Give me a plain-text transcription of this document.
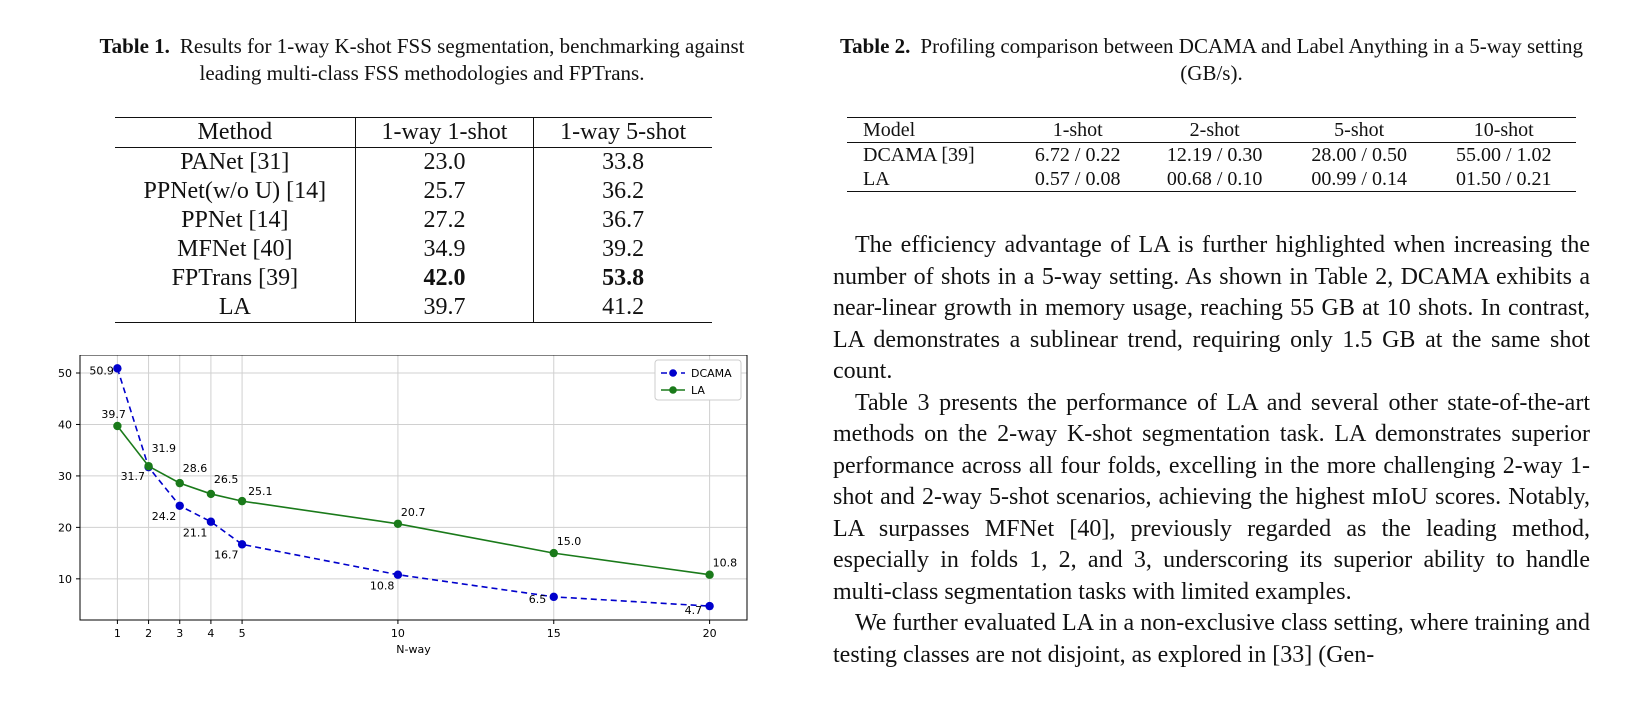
Table 1. Results for 1-way K-shot FSS segmentation, benchmarking against leading multi-class FSS methodologies and FPTrans.
Method	1-way 1-shot	1-way 5-shot
PANet [31]	23.0	33.8
PPNet(w/o U) [14]	25.7	36.2
PPNet [14]	27.2	36.7
MFNet [40]	34.9	39.2
FPTrans [39]	42.0	53.8
LA	39.7	41.2
1 2 3 4 5	10	15	20
10
20
30
40
50
N-way
50.9
31.7
24.2
21.1
16.7
10.8
6.5
4.7
39.7
31.9
28.6
26.5
25.1
20.7
15.0
10.8
DCAMA
LA
Table 2. Profiling comparison between DCAMA and Label Anything in a 5-way setting (GB/s).
Model	1-shot	2-shot	5-shot	10-shot
DCAMA [39]	6.72 / 0.22	12.19 / 0.30	28.00 / 0.50	55.00 / 1.02
LA	0.57 / 0.08	00.68 / 0.10	00.99 / 0.14	01.50 / 0.21

The efficiency advantage of LA is further highlighted when increasing the number of shots in a 5-way setting. As shown in Table 2, DCAMA exhibits a near-linear growth in memory usage, reaching 55 GB at 10 shots. In contrast, LA demonstrates a sublinear trend, requiring only 1.5 GB at the same shot count.

Table 3 presents the performance of LA and several other state-of-the-art methods on the 2-way K-shot segmentation task. LA demonstrates superior performance across all four folds, excelling in the more challenging 2-way 1-shot and 2-way 5-shot scenarios, achieving the highest mIoU scores. Notably, LA surpasses MFNet [40], previously regarded as the leading method, especially in folds 1, 2, and 3, underscoring its superior ability to handle multi-class segmentation tasks with limited examples.

We further evaluated LA in a non-exclusive class setting, where training and testing classes are not disjoint, as explored in [33] (Gen-
